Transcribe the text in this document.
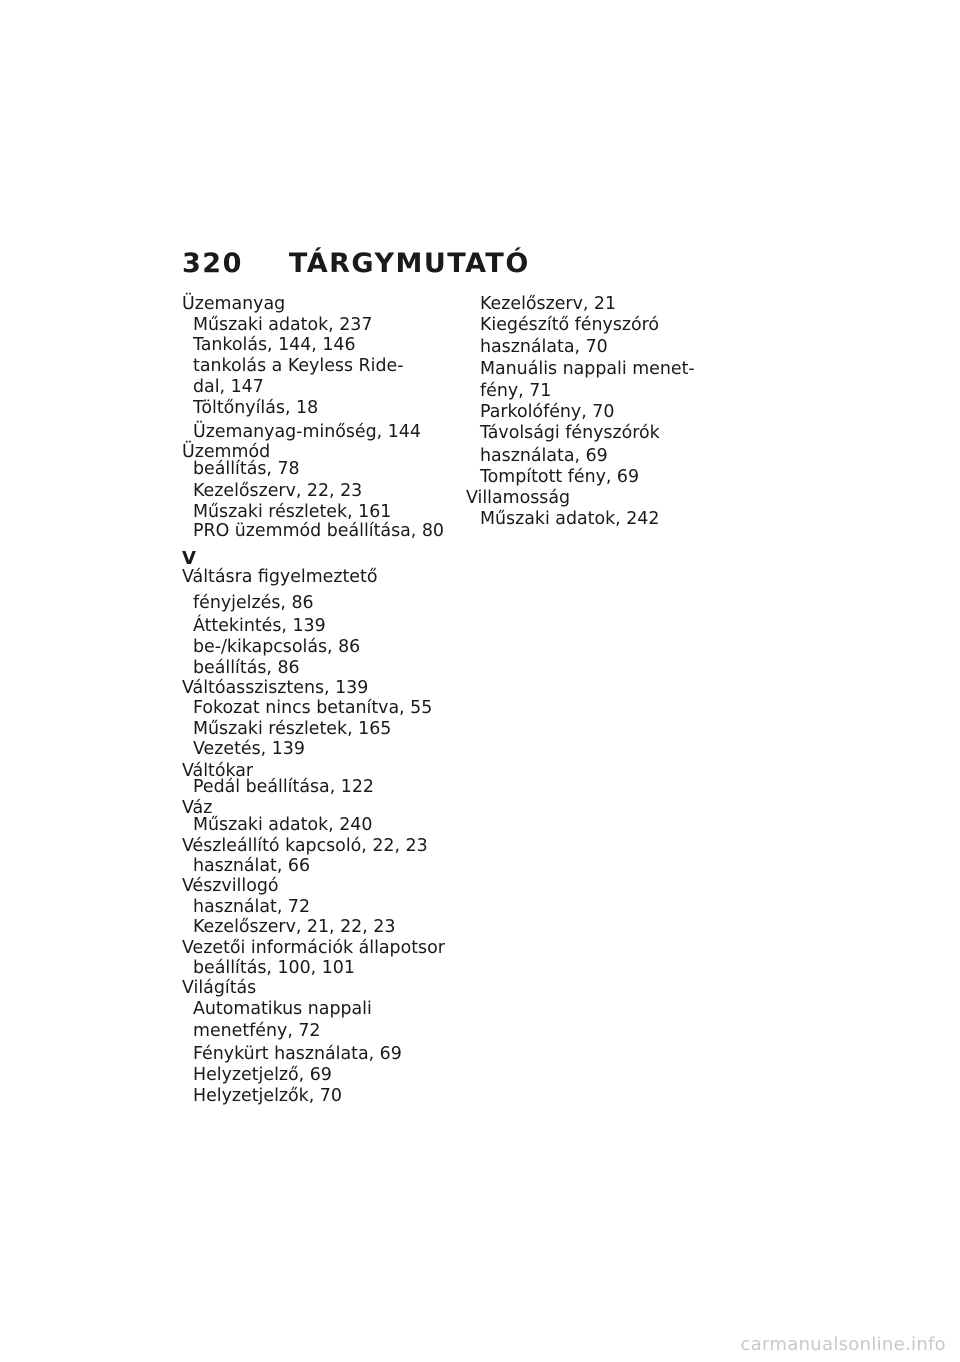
320 TÁRGYMUTATÓ
Üzemanyag
Műszaki adatok, 237
Tankolás, 144, 146
tankolás a Keyless Ride-
dal, 147
Töltőnyílás, 18
Üzemanyag-minőség, 144
Üzemmód
beállítás, 78
Kezelőszerv, 22, 23
Műszaki részletek, 161
PRO üzemmód beállítása, 80
V
Váltásra figyelmeztető
fényjelzés, 86
Áttekintés, 139
be-/kikapcsolás, 86
beállítás, 86
Váltóasszisztens, 139
Fokozat nincs betanítva, 55
Műszaki részletek, 165
Vezetés, 139
Váltókar
Pedál beállítása, 122
Váz
Műszaki adatok, 240
Vészleállító kapcsoló, 22, 23
használat, 66
Vészvillogó
használat, 72
Kezelőszerv, 21, 22, 23
Vezetői információk állapotsor
beállítás, 100, 101
Világítás
Automatikus nappali
menetfény, 72
Fénykürt használata, 69
Helyzetjelző, 69
Helyzetjelzők, 70
Kezelőszerv, 21
Kiegészítő fényszóró
használata, 70
Manuális nappali menet-
fény, 71
Parkolófény, 70
Távolsági fényszórók
használata, 69
Tompított fény, 69
Villamosság
Műszaki adatok, 242
carmanualsonline.info
